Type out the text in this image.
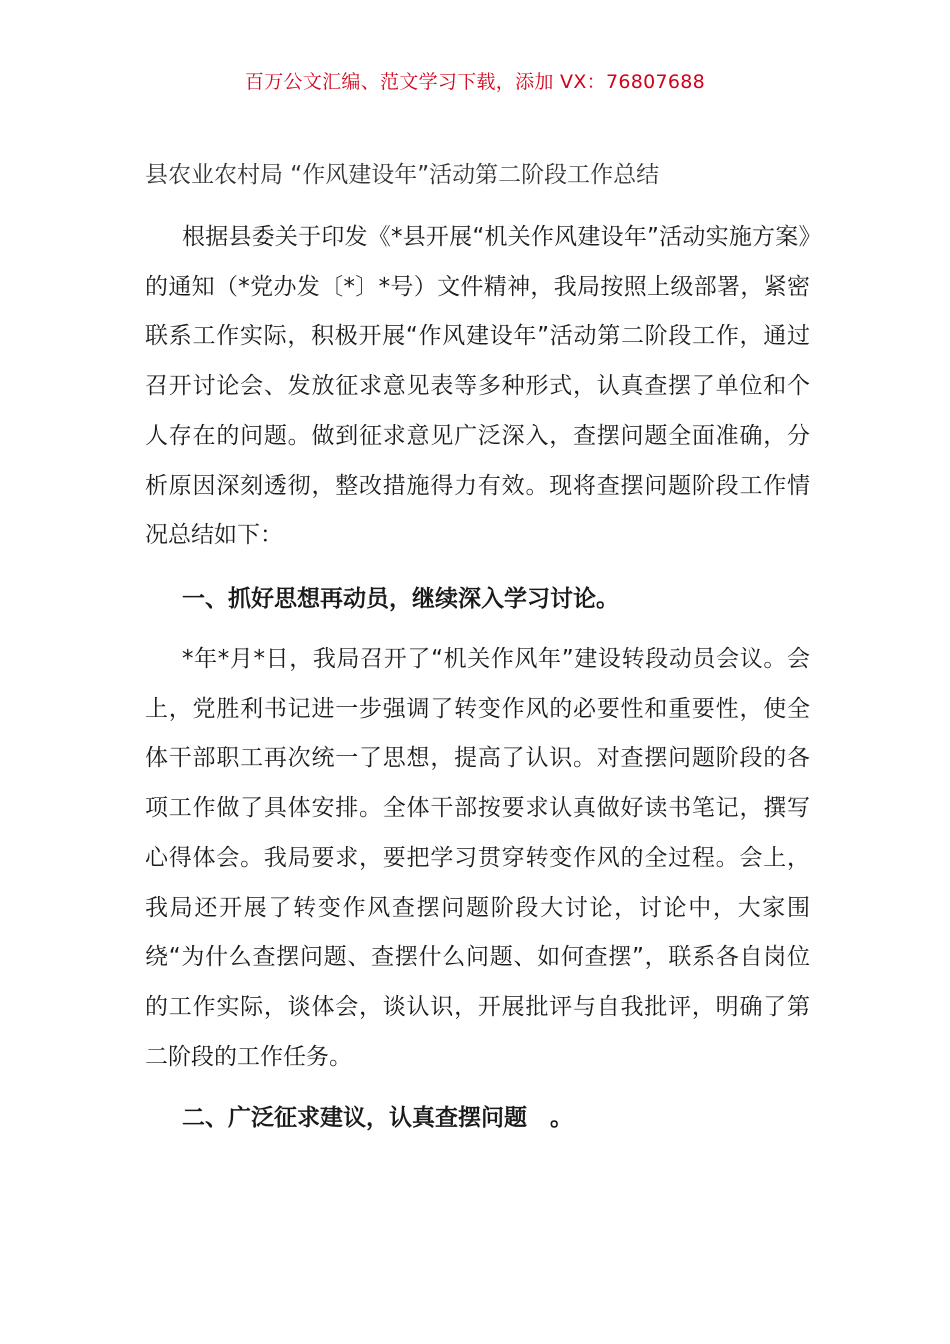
百万公文汇编、范文学习下载，添加 VX：76807688
县农业农村局 “作风建设年”活动第二阶段工作总结

根据县委关于印发《*县开展“机关作风建设年”活动实施方案》的通知（*党办发〔*〕*号）文件精神，我局按照上级部署，紧密联系工作实际，积极开展“作风建设年”活动第二阶段工作，通过召开讨论会、发放征求意见表等多种形式，认真查摆了单位和个人存在的问题。做到征求意见广泛深入，查摆问题全面准确，分析原因深刻透彻，整改措施得力有效。现将查摆问题阶段工作情况总结如下：

一、抓好思想再动员，继续深入学习讨论。

*年*月*日，我局召开了“机关作风年”建设转段动员会议。会上，党胜利书记进一步强调了转变作风的必要性和重要性，使全体干部职工再次统一了思想，提高了认识。对查摆问题阶段的各项工作做了具体安排。全体干部按要求认真做好读书笔记，撰写心得体会。我局要求，要把学习贯穿转变作风的全过程。会上，我局还开展了转变作风查摆问题阶段大讨论，讨论中，大家围绕“为什么查摆问题、查摆什么问题、如何查摆”，联系各自岗位的工作实际，谈体会，谈认识，开展批评与自我批评，明确了第二阶段的工作任务。

二、广泛征求建议，认真查摆问题　。
